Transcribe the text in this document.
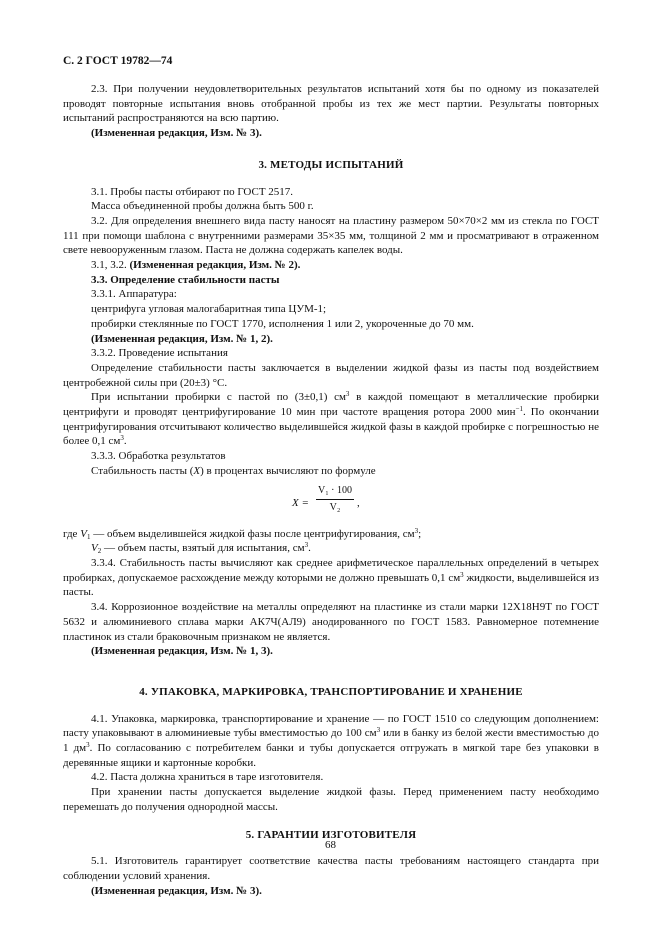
С. 2 ГОСТ 19782—74

2.3. При получении неудовлетворительных результатов испытаний хотя бы по одному из показателей проводят повторные испытания вновь отобранной пробы из тех же мест партии. Результаты повторных испытаний распространяются на всю партию.

(Измененная редакция, Изм. № 3).

3. МЕТОДЫ ИСПЫТАНИЙ

3.1. Пробы пасты отбирают по ГОСТ 2517.

Масса объединенной пробы должна быть 500 г.

3.2. Для определения внешнего вида пасту наносят на пластину размером 50×70×2 мм из стекла по ГОСТ 111 при помощи шаблона с внутренними размерами 35×35 мм, толщиной 2 мм и просматривают в отраженном свете невооруженным глазом. Паста не должна содержать капелек воды.

3.1, 3.2. (Измененная редакция, Изм. № 2).

3.3. Определение стабильности пасты

3.3.1. Аппаратура:

центрифуга угловая малогабаритная типа ЦУМ-1;

пробирки стеклянные по ГОСТ 1770, исполнения 1 или 2, укороченные до 70 мм.

(Измененная редакция, Изм. № 1, 2).

3.3.2. Проведение испытания

Определение стабильности пасты заключается в выделении жидкой фазы из пасты под воздействием центробежной силы при (20±3) °С.

При испытании пробирки с пастой по (3±0,1) $см^3$ в каждой помещают в металлические пробирки центрифуги и проводят центрифугирование 10 мин при частоте вращения ротора 2000 мин$^{-1}$. По окончании центрифугирования отсчитывают количество выделившейся жидкой фазы в каждой пробирке с погрешностью не более 0,1 $см^3$.

3.3.3. Обработка результатов

Стабильность пасты (X) в процентах вычисляют по формуле

$X = \frac{\text{V₁ · 100}}{\text{V₂}}$ ,

где $V_1$ — объем выделившейся жидкой фазы после центрифугирования, $см^3$;

$V_2$ — объем пасты, взятый для испытания, $см^3$.

3.3.4. Стабильность пасты вычисляют как среднее арифметическое параллельных определений в четырех пробирках, допускаемое расхождение между которыми не должно превышать 0,1 $см^3$ жидкости, выделившейся из пасты.

3.4. Коррозионное воздействие на металлы определяют на пластинке из стали марки 12Х18Н9Т по ГОСТ 5632 и алюминиевого сплава марки АК7Ч(АЛ9) анодированного по ГОСТ 1583. Равномерное потемнение пластинок из стали браковочным признаком не является.

(Измененная редакция, Изм. № 1, 3).

4. УПАКОВКА, МАРКИРОВКА, ТРАНСПОРТИРОВАНИЕ И ХРАНЕНИЕ

4.1. Упаковка, маркировка, транспортирование и хранение — по ГОСТ 1510 со следующим дополнением: пасту упаковывают в алюминиевые тубы вместимостью до 100 $см^3$ или в банку из белой жести вместимостью до 1 $дм^3$. По согласованию с потребителем банки и тубы допускается отгружать в мягкой таре без упаковки в деревянные ящики и картонные коробки.

4.2. Паста должна храниться в таре изготовителя.

При хранении пасты допускается выделение жидкой фазы. Перед применением пасту необходимо перемешать до получения однородной массы.

5. ГАРАНТИИ ИЗГОТОВИТЕЛЯ

5.1. Изготовитель гарантирует соответствие качества пасты требованиям настоящего стандарта при соблюдении условий хранения.

(Измененная редакция, Изм. № 3).

68
